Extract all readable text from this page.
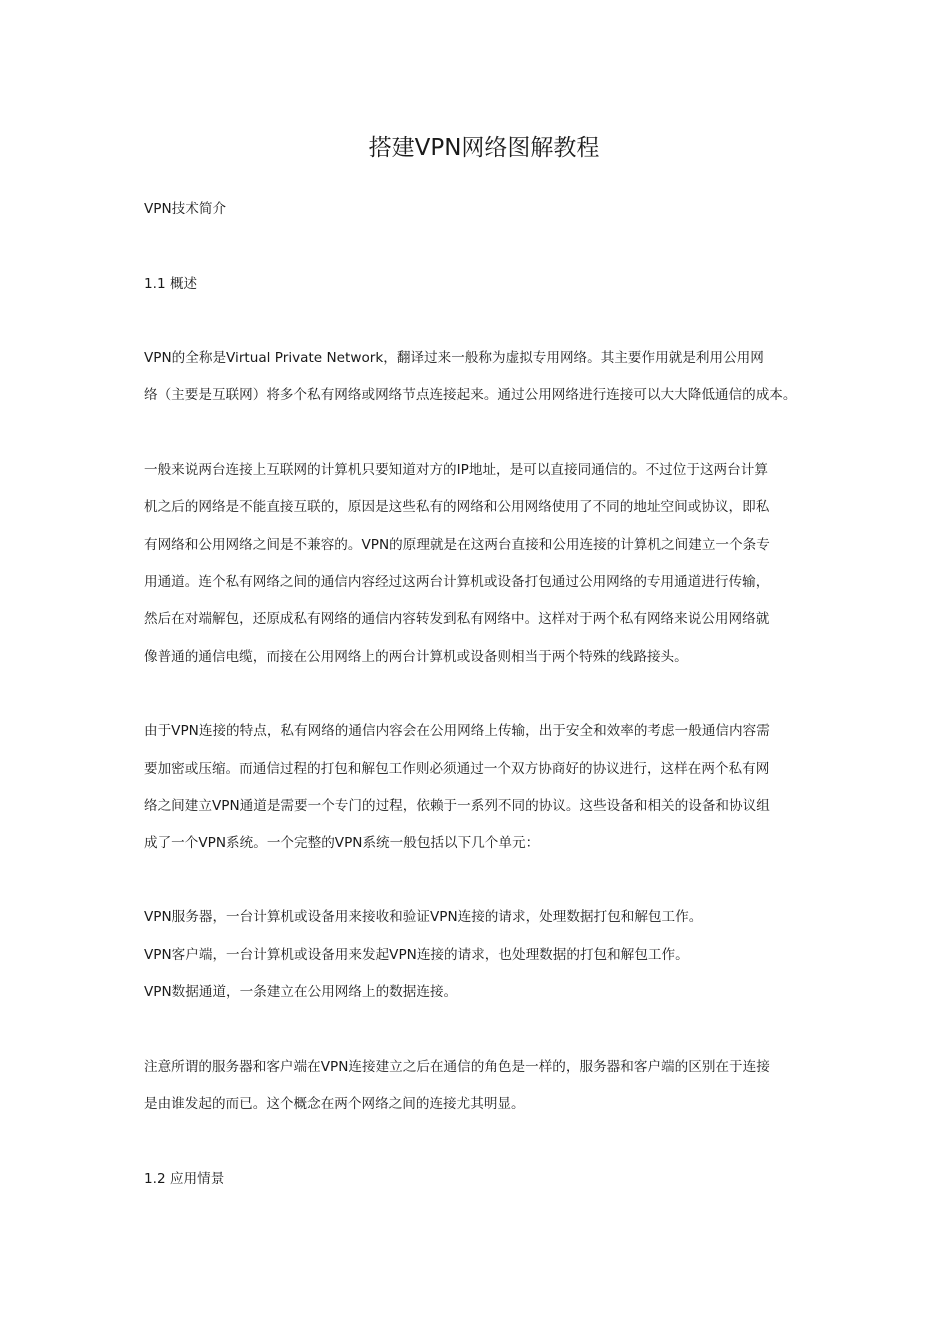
搭建VPN网络图解教程

VPN技术简介

1.1 概述

VPN的全称是Virtual Private Network，翻译过来一般称为虚拟专用网络。其主要作用就是利用公用网

络（主要是互联网）将多个私有网络或网络节点连接起来。通过公用网络进行连接可以大大降低通信的成本。

一般来说两台连接上互联网的计算机只要知道对方的IP地址，是可以直接同通信的。不过位于这两台计算

机之后的网络是不能直接互联的，原因是这些私有的网络和公用网络使用了不同的地址空间或协议，即私

有网络和公用网络之间是不兼容的。VPN的原理就是在这两台直接和公用连接的计算机之间建立一个条专

用通道。连个私有网络之间的通信内容经过这两台计算机或设备打包通过公用网络的专用通道进行传输，

然后在对端解包，还原成私有网络的通信内容转发到私有网络中。这样对于两个私有网络来说公用网络就

像普通的通信电缆，而接在公用网络上的两台计算机或设备则相当于两个特殊的线路接头。

由于VPN连接的特点，私有网络的通信内容会在公用网络上传输，出于安全和效率的考虑一般通信内容需

要加密或压缩。而通信过程的打包和解包工作则必须通过一个双方协商好的协议进行，这样在两个私有网

络之间建立VPN通道是需要一个专门的过程，依赖于一系列不同的协议。这些设备和相关的设备和协议组

成了一个VPN系统。一个完整的VPN系统一般包括以下几个单元：

VPN服务器，一台计算机或设备用来接收和验证VPN连接的请求，处理数据打包和解包工作。

VPN客户端，一台计算机或设备用来发起VPN连接的请求，也处理数据的打包和解包工作。

VPN数据通道，一条建立在公用网络上的数据连接。

注意所谓的服务器和客户端在VPN连接建立之后在通信的角色是一样的，服务器和客户端的区别在于连接

是由谁发起的而已。这个概念在两个网络之间的连接尤其明显。

1.2 应用情景
